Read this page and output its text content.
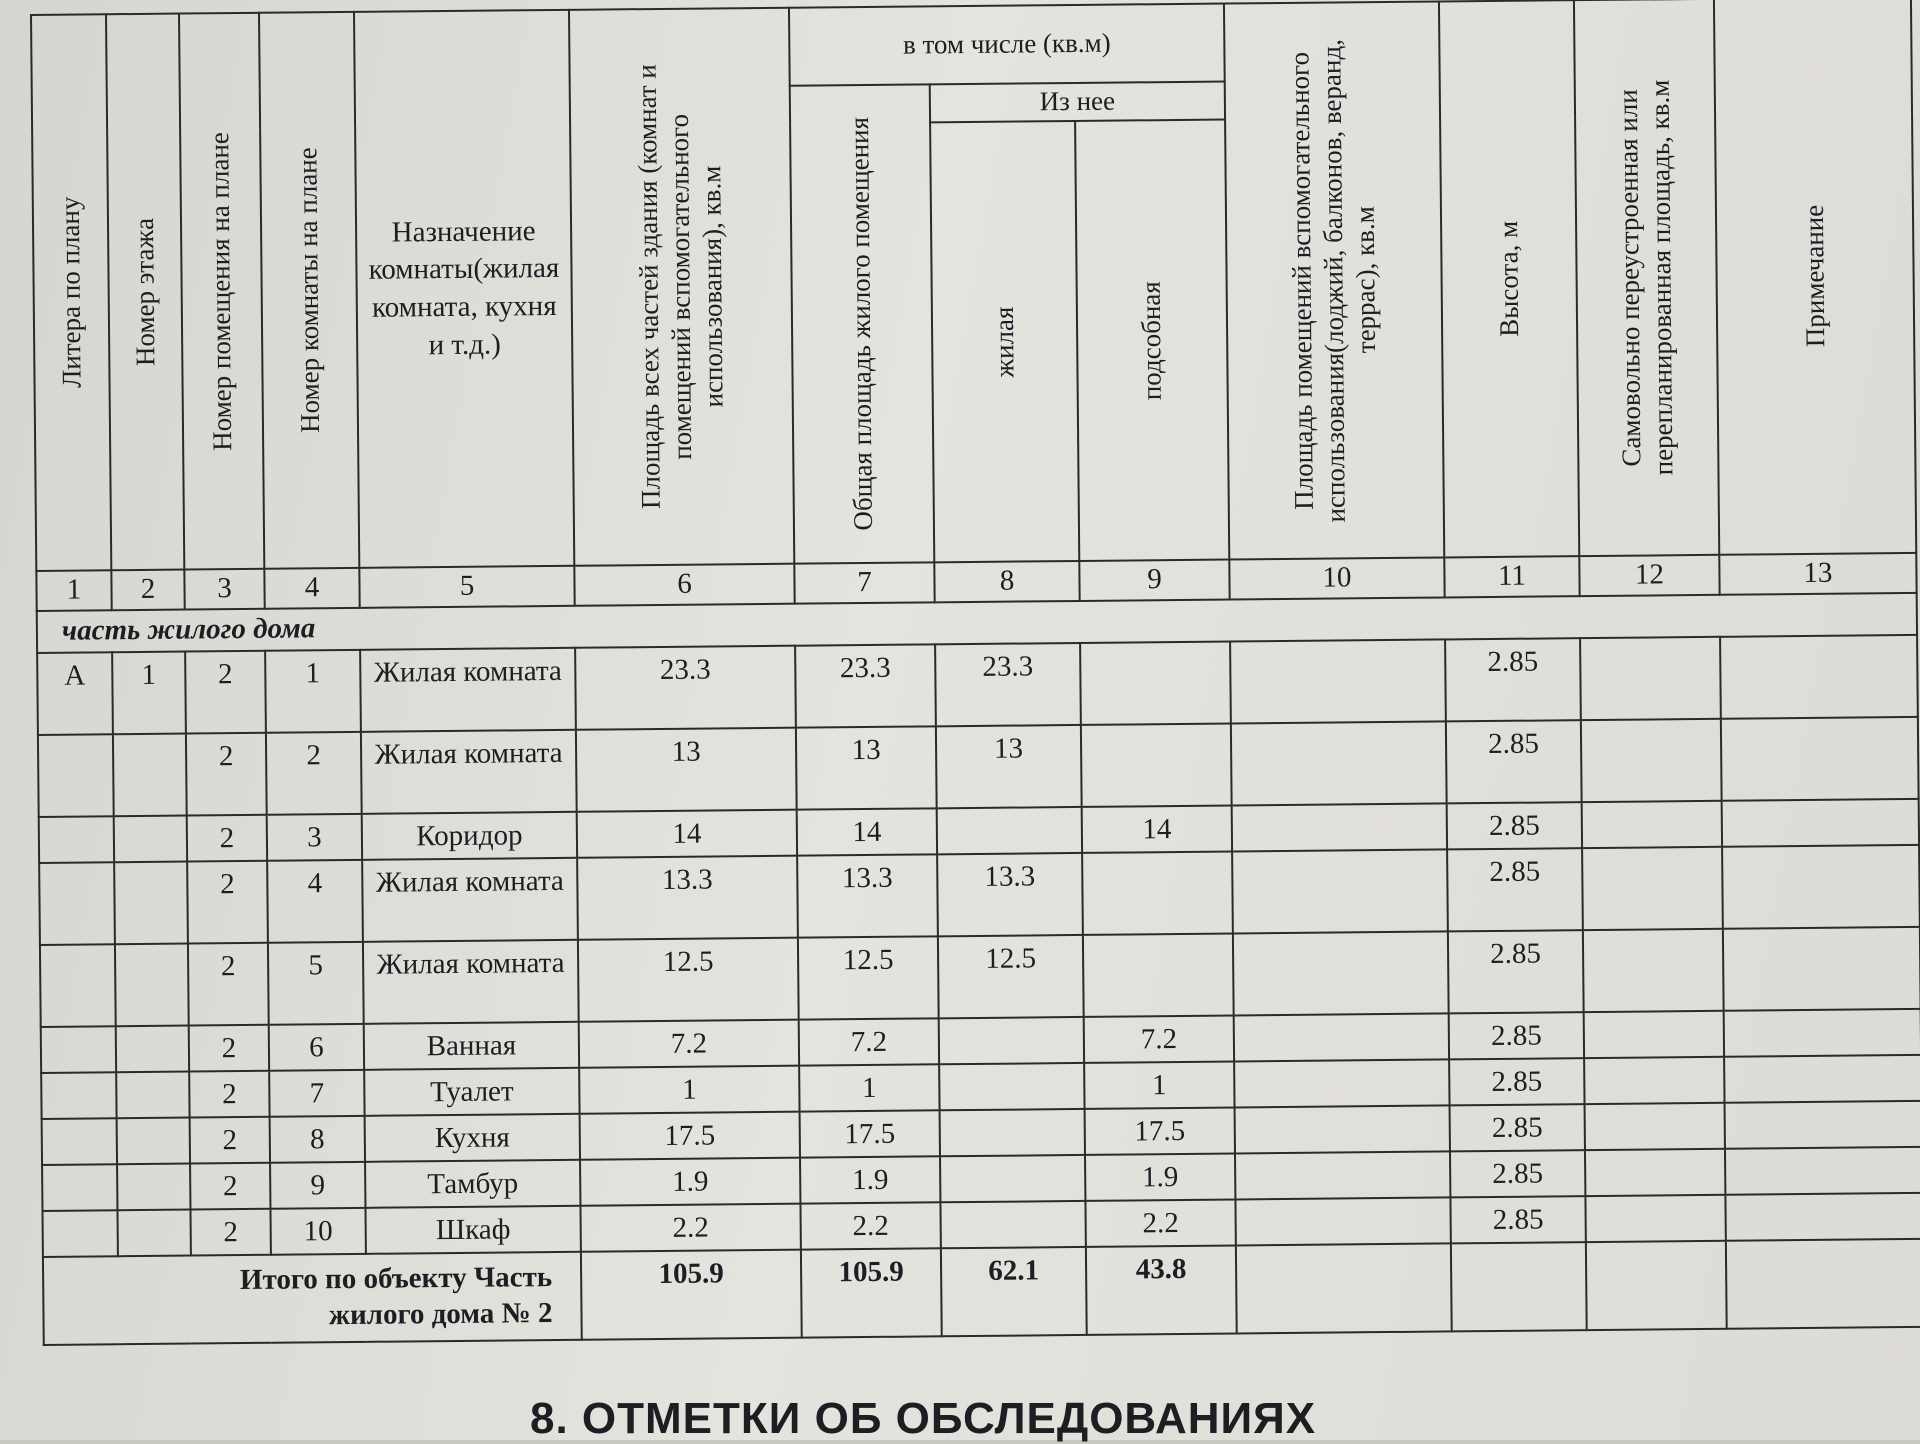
Литера по плану	Номер этажа	Номер помещения на плане	Номер комнаты на плане	Назначение комнаты(жилая комната, кухня и т.д.)	Площадь всех частей здания (комнат и помещений вспомогательного использования), кв.м	в том числе (кв.м)			Площадь помещений вспомогательного использования(лоджий, балконов, веранд, террас), кв.м	Высота, м	Самовольно переустроенная или перепланированная площадь, кв.м	Примечание

						Общая площадь жилого помещения	Из нее					

							жилая	подсобная				

1	2	3	4	5	6	7	8	9	10	11	12	13
часть жилого дома												
А	1	2	1	Жилая комната	23.3	23.3	23.3			2.85		
		2	2	Жилая комната	13	13	13			2.85		
		2	3	Коридор	14	14		14		2.85		
		2	4	Жилая комната	13.3	13.3	13.3			2.85		
		2	5	Жилая комната	12.5	12.5	12.5			2.85		
		2	6	Ванная	7.2	7.2		7.2		2.85		
		2	7	Туалет	1	1		1		2.85		
		2	8	Кухня	17.5	17.5		17.5		2.85		
		2	9	Тамбур	1.9	1.9		1.9		2.85		
		2	10	Шкаф	2.2	2.2		2.2		2.85		

Итого по объекту Часть
жилого дома № 2					105.9	105.9	62.1	43.8				
8. ОТМЕТКИ ОБ ОБСЛЕДОВАНИЯХ
